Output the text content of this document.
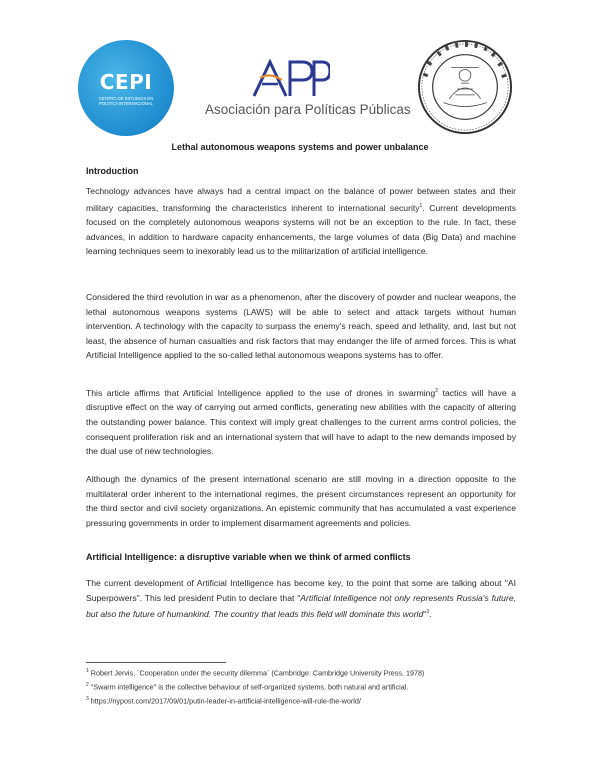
CEPI
CENTRO DE ESTUDIOS EN POLÍTICA INTERNACIONAL	Asociación para Políticas Públicas
Lethal autonomous weapons systems and power unbalance
Introduction
Technology advances have always had a central impact on the balance of power between states and their military capacities, transforming the characteristics inherent to international security$^1$. Current developments focused on the completely autonomous weapons systems will not be an exception to the rule. In fact, these advances, in addition to hardware capacity enhancements, the large volumes of data (Big Data) and machine learning techniques seem to inexorably lead us to the militarization of artificial intelligence.
Considered the third revolution in war as a phenomenon, after the discovery of powder and nuclear weapons, the lethal autonomous weapons systems (LAWS) will be able to select and attack targets without human intervention. A technology with the capacity to surpass the enemy's reach, speed and lethality, and, last but not least, the absence of human casualties and risk factors that may endanger the life of armed forces. This is what Artificial Intelligence applied to the so-called lethal autonomous weapons systems has to offer.
This article affirms that Artificial Intelligence applied to the use of drones in swarming$^2$ tactics will have a disruptive effect on the way of carrying out armed conflicts, generating new abilities with the capacity of altering the outstanding power balance. This context will imply great challenges to the current arms control policies, the consequent proliferation risk and an international system that will have to adapt to the new demands imposed by the dual use of new technologies.
Although the dynamics of the present international scenario are still moving in a direction opposite to the multilateral order inherent to the international regimes, the present circumstances represent an opportunity for the third sector and civil society organizations. An epistemic community that has accumulated a vast experience pressuring governments in order to implement disarmament agreements and policies.
Artificial Intelligence: a disruptive variable when we think of armed conflicts
The current development of Artificial Intelligence has become key, to the point that some are talking about "AI Superpowers". This led president Putin to declare that "Artificial Intelligence not only represents Russia's future, but also the future of humankind. The country that leads this field will dominate this world"$^3$.
$^1$ Robert Jervis, ¨Cooperation under the security dilemma¨ (Cambridge: Cambridge University Press, 1978)
$^2$ "Swarm intelligence" is the collective behaviour of self-organized systems, both natural and artificial.
$^3$ https://nypost.com/2017/09/01/putin-leader-in-artificial-intelligence-will-rule-the-world/
